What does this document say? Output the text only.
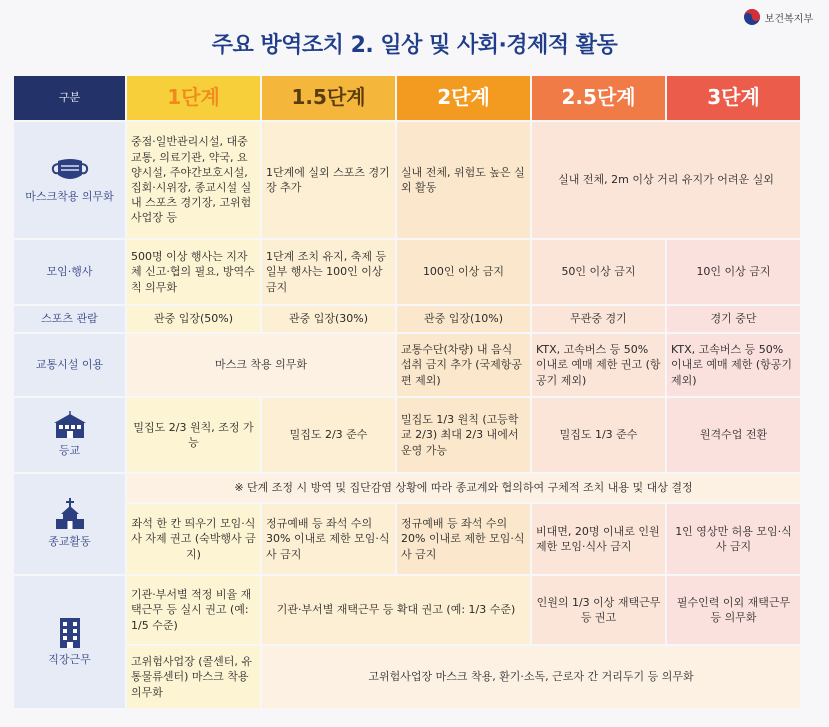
주요 방역조치 2. 일상 및 사회·경제적 활동
보건복지부
구분	1단계	1.5단계	2단계	2.5단계	3단계

마스크착용 의무화	중점·일반관리시설, 대중교통, 의료기관, 약국, 요양시설, 주야간보호시설, 집회·시위장, 종교시설 실내 스포츠 경기장, 고위험 사업장 등	1단계에 실외 스포츠 경기장 추가	실내 전체, 위험도 높은 실외 활동	실내 전체, 2m 이상 거리 유지가 어려운 실외	
모임·행사	500명 이상 행사는 지자체 신고·협의 필요, 방역수칙 의무화	1단계 조치 유지, 축제 등 일부 행사는 100인 이상 금지	100인 이상 금지	50인 이상 금지	10인 이상 금지
스포츠 관람	관중 입장(50%)	관중 입장(30%)	관중 입장(10%)	무관중 경기	경기 중단
교통시설 이용	마스크 착용 의무화		교통수단(차량) 내 음식 섭취 금지 추가 (국제항공편 제외)	KTX, 고속버스 등 50% 이내로 예매 제한 권고 (항공기 제외)	KTX, 고속버스 등 50% 이내로 예매 제한 (항공기 제외)

등교	밀집도 2/3 원칙, 조정 가능	밀집도 2/3 준수	밀집도 1/3 원칙 (고등학교 2/3) 최대 2/3 내에서 운영 가능	밀집도 1/3 준수	원격수업 전환

종교활동	※ 단계 조정 시 방역 및 집단감염 상황에 따라 종교계와 협의하여 구체적 조치 내용 및 대상 결정				
	좌석 한 칸 띄우기 모임·식사 자제 권고 (숙박행사 금지)	정규예배 등 좌석 수의 30% 이내로 제한 모임·식사 금지	정규예배 등 좌석 수의 20% 이내로 제한 모임·식사 금지	비대면, 20명 이내로 인원 제한 모임·식사 금지	1인 영상만 허용 모임·식사 금지

직장근무	기관·부서별 적정 비율 재택근무 등 실시 권고 (예: 1/5 수준)	기관·부서별 재택근무 등 확대 권고 (예: 1/3 수준)		인원의 1/3 이상 재택근무 등 권고	필수인력 이외 재택근무 등 의무화
	고위험사업장 (콜센터, 유통물류센터) 마스크 착용 의무화	고위험사업장 마스크 착용, 환기·소독, 근로자 간 거리두기 등 의무화			
